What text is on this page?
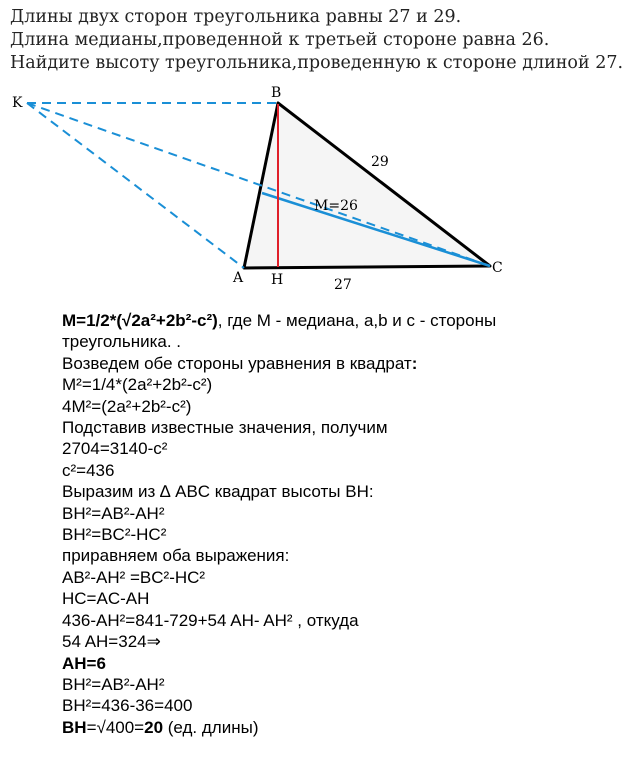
Длины двух сторон треугольника равны 27 и 29.
Длина медианы,проведенной к третьей стороне равна 26.
Найдите высоту треугольника,проведенную к стороне длиной 27.
K
B
A H
C
29
M=26
27
M=1/2*(√2a²+2b²-c²), где М - медиана, a,b и c - стороны
треугольника. .
Возведем обе стороны уравнения в квадрат:
M²=1/4*(2a²+2b²-c²)
4M²=(2a²+2b²-c²)
Подставив известные значения, получим
2704=3140-c²
c²=436
Выразим из ∆ ABC квадрат высоты BH:
BH²=AB²-AH²
BH²=BC²-HC²
приравняем оба выражения:
AB²-AH² =BC²-HC²
HC=AC-AH
436-AH²=841-729+54 AH- AH² , откуда
54 AH=324⇒
AH=6
BH²=AB²-AH²
BH²=436-36=400
BH=√400=20 (ед. длины)
